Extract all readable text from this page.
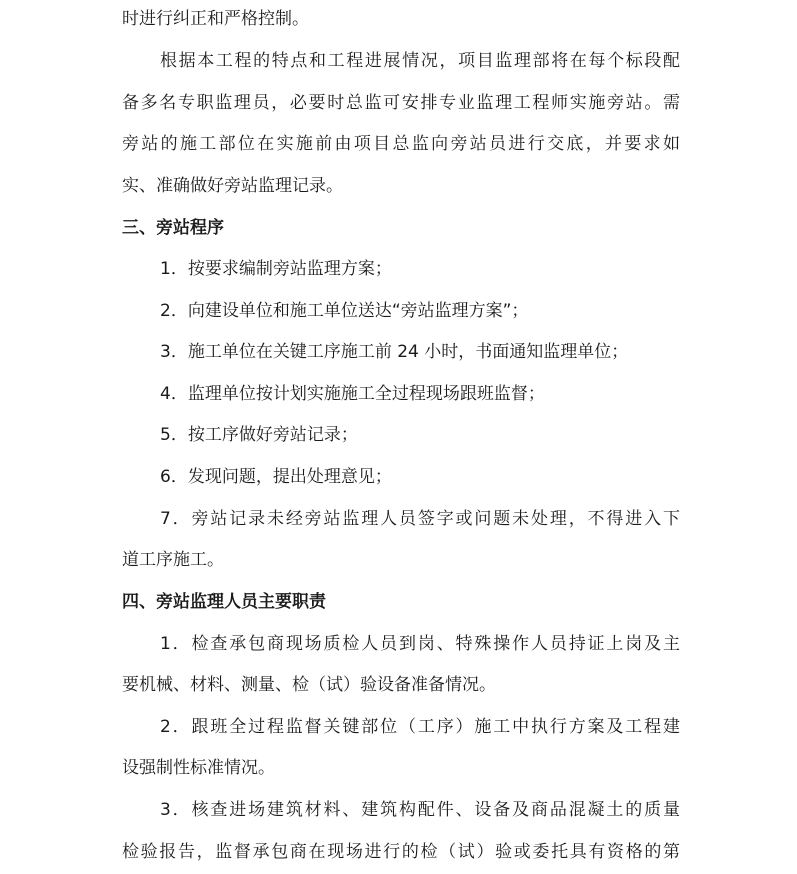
时进行纠正和严格控制。
根据本工程的特点和工程进展情况，项目监理部将在每个标段配
备多名专职监理员，必要时总监可安排专业监理工程师实施旁站。需
旁站的施工部位在实施前由项目总监向旁站员进行交底，并要求如
实、准确做好旁站监理记录。
三、旁站程序
1．按要求编制旁站监理方案；
2．向建设单位和施工单位送达“旁站监理方案”；
3．施工单位在关键工序施工前 24 小时，书面通知监理单位；
4．监理单位按计划实施施工全过程现场跟班监督；
5．按工序做好旁站记录；
6．发现问题，提出处理意见；
7．旁站记录未经旁站监理人员签字或问题未处理，不得进入下
道工序施工。
四、旁站监理人员主要职责
1．检查承包商现场质检人员到岗、特殊操作人员持证上岗及主
要机械、材料、测量、检（试）验设备准备情况。
2．跟班全过程监督关键部位（工序）施工中执行方案及工程建
设强制性标准情况。
3．核查进场建筑材料、建筑构配件、设备及商品混凝土的质量
检验报告，监督承包商在现场进行的检（试）验或委托具有资格的第
